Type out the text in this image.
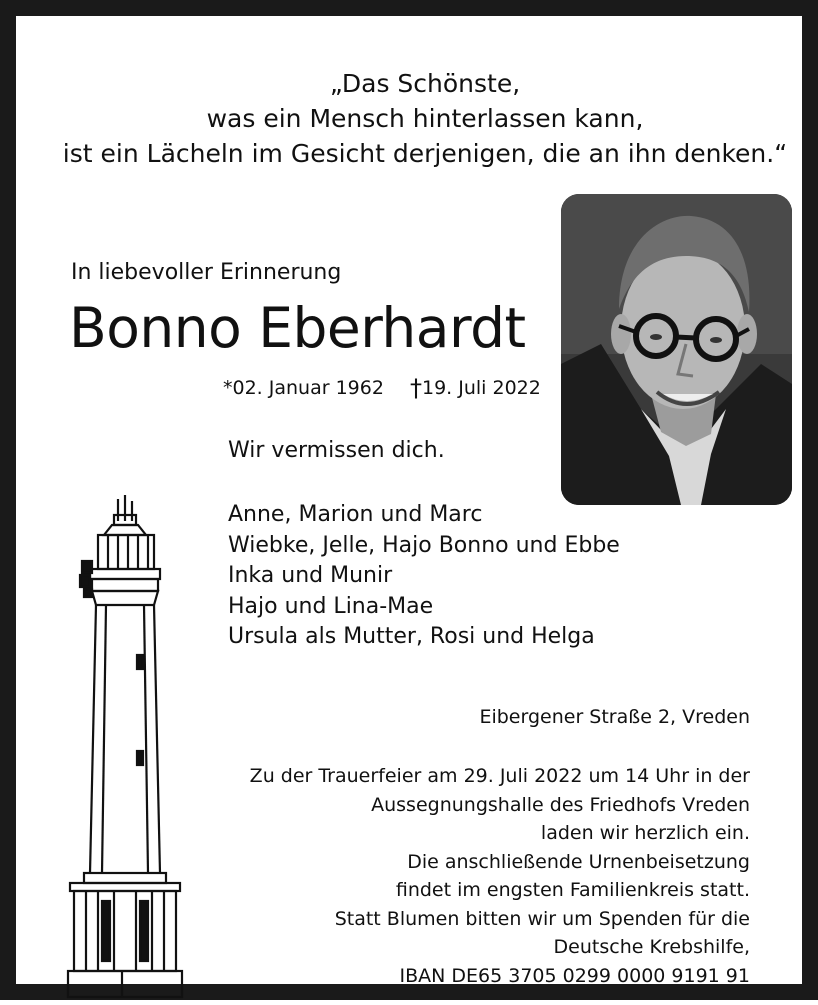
„Das Schönste,
was ein Mensch hinterlassen kann,
ist ein Lächeln im Gesicht derjenigen, die an ihn denken.“
In liebevoller Erinnerung
Bonno Eberhardt
*02. Januar 1962 †19. Juli 2022
Wir vermissen dich.
Anne, Marion und Marc
Wiebke, Jelle, Hajo Bonno und Ebbe
Inka und Munir
Hajo und Lina-Mae
Ursula als Mutter, Rosi und Helga
Eibergener Straße 2, Vreden
Zu der Trauerfeier am 29. Juli 2022 um 14 Uhr in der
Aussegnungshalle des Friedhofs Vreden
laden wir herzlich ein.
Die anschließende Urnenbeisetzung
findet im engsten Familienkreis statt.
Statt Blumen bitten wir um Spenden für die
Deutsche Krebshilfe,
IBAN DE65 3705 0299 0000 9191 91
